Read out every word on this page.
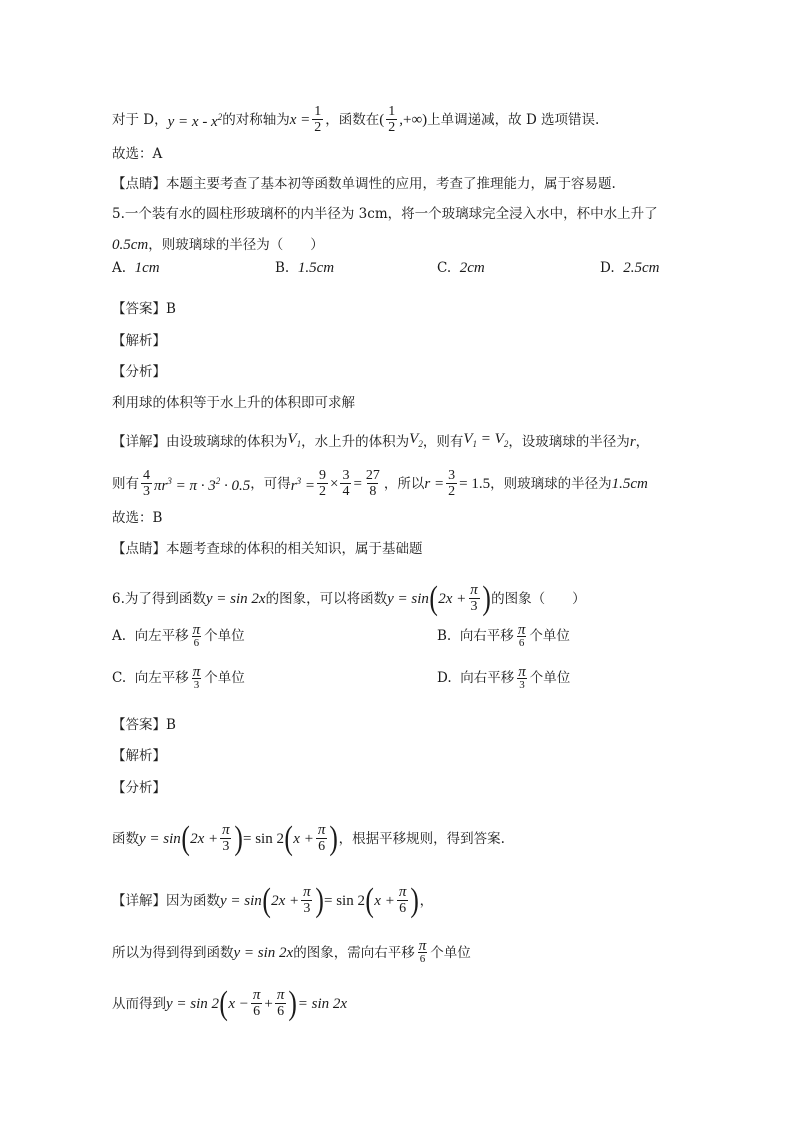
对于 D， $y = x - x^2$ 的对称轴为 $x = \frac{1}{2}$ ，函数在 ( $\frac{1}{2}$ ,+∞) 上单调递减，故 D 选项错误.
故选：A
【点睛】本题主要考查了基本初等函数单调性的应用，考查了推理能力，属于容易题.
5.一个装有水的圆柱形玻璃杯的内半径为 3cm，将一个玻璃球完全浸入水中，杯中水上升了
0.5cm ，则玻璃球的半径为（　　）
A.
1cm	B.
1.5cm	C.
2cm	D.
2.5cm
【答案】B
【解析】
【分析】
利用球的体积等于水上升的体积即可求解
【详解】由设玻璃球的体积为 $V_1$ ，水上升的体积为 $V_2$ ，则有 $V_1 = V_2$ ，设玻璃球的半径为 r ，
则有 $\frac{4}{3} \pi r^3 = \pi \cdot 3^2 \cdot 0.5$ ，可得 $r^3 = \frac{9}{2} \times \frac{3}{4} = \frac{27}{8}$ ，所以 $r = \frac{3}{2} = 1.5$ ，则玻璃球的半径为 1.5cm
故选：B
【点睛】本题考查球的体积的相关知识，属于基础题
6.为了得到函数 y = sin 2x 的图象，可以将函数 y = sin ( $2x + \frac{\pi}{3}$ ) 的图象（　　）
A.
向左平移 $\frac{\pi}{6}$ 个单位	B.
向右平移 $\frac{\pi}{6}$ 个单位
C.
向左平移 $\frac{\pi}{3}$ 个单位	D.
向右平移 $\frac{\pi}{3}$ 个单位
【答案】B
【解析】
【分析】
函数 y = sin ( $2x + \frac{\pi}{3}$ ) = sin 2 ( $x + \frac{\pi}{6}$ ) ，根据平移规则，得到答案.
【详解】因为函数 y = sin ( $2x + \frac{\pi}{3}$ ) = sin 2 ( $x + \frac{\pi}{6}$ ) ，
所以为得到得到函数 y = sin 2x 的图象，需向右平移 $\frac{\pi}{6}$ 个单位
从而得到 y = sin 2 ( $x - \frac{\pi}{6} + \frac{\pi}{6}$ ) = sin 2x
